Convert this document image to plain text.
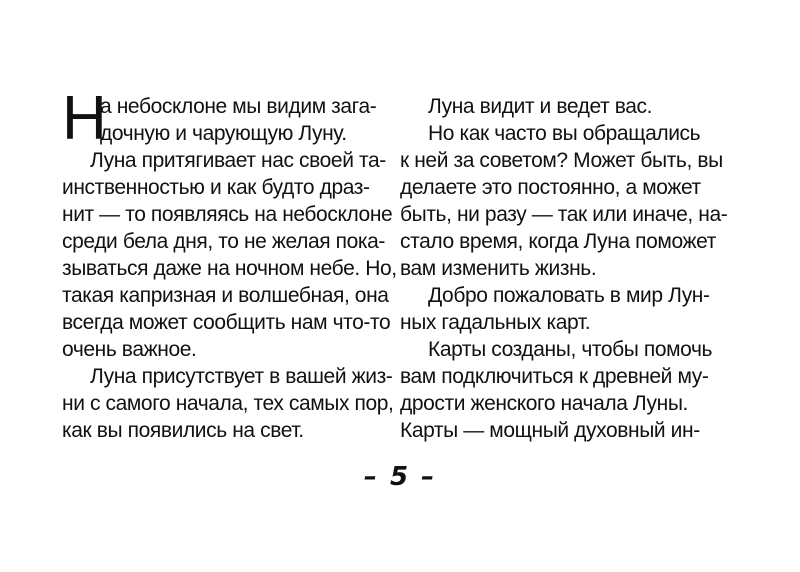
Н
а небосклоне мы видим зага-
дочную и чарующую Луну.
Луна притягивает нас своей та-
инственностью и как будто драз-
нит — то появляясь на небосклоне
среди бела дня, то не желая пока-
зываться даже на ночном небе. Но,
такая капризная и волшебная, она
всегда может сообщить нам что-то
очень важное.
Луна присутствует в вашей жиз-
ни с самого начала, тех самых пор,
как вы появились на свет.
Луна видит и ведет вас.
Но как часто вы обращались
к ней за советом? Может быть, вы
делаете это постоянно, а может
быть, ни разу — так или иначе, на-
стало время, когда Луна поможет
вам изменить жизнь.
Добро пожаловать в мир Лун-
ных гадальных карт.
Карты созданы, чтобы помочь
вам подключиться к древней му-
дрости женского начала Луны.
Карты — мощный духовный ин-
– 5 –
